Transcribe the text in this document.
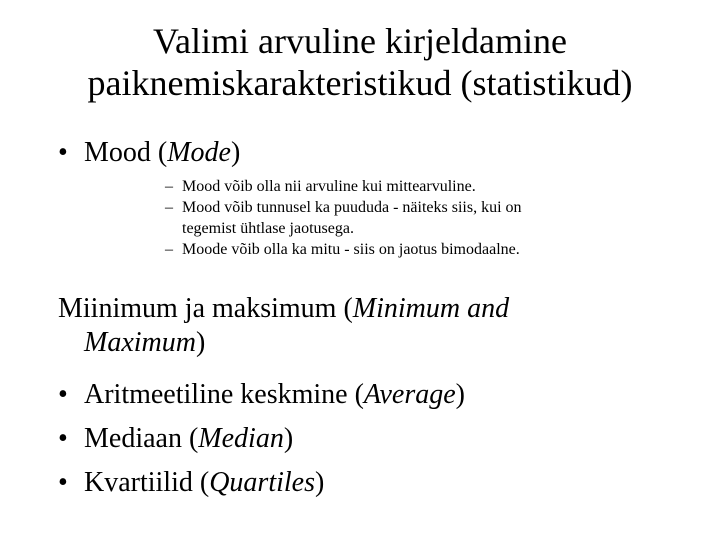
Valimi arvuline kirjeldamine
paiknemiskarakteristikud (statistikud)
• Mood (Mode)
– Mood võib olla nii arvuline kui mittearvuline.
– Mood võib tunnusel ka puududa - näiteks siis, kui on
tegemist ühtlase jaotusega.
– Moode võib olla ka mitu - siis on jaotus bimodaalne.
Miinimum ja maksimum (Minimum and
Maximum)
• Aritmeetiline keskmine (Average)
• Mediaan (Median)
• Kvartiilid (Quartiles)
